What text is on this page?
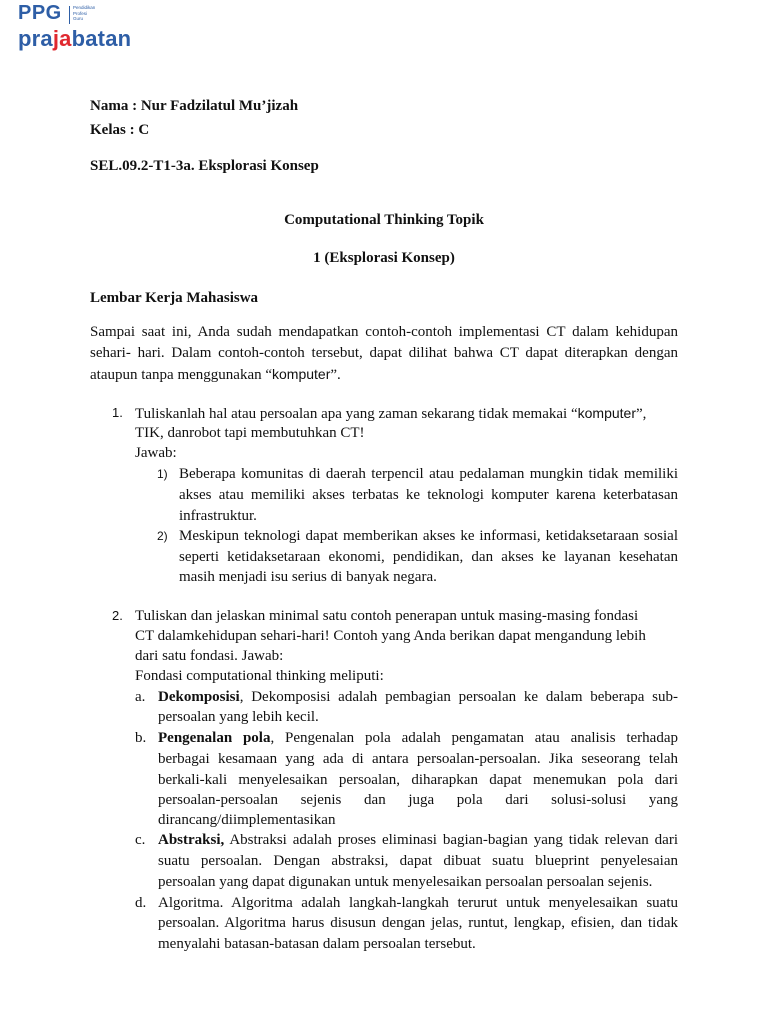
PPG	Pendidikan
Profesi
Guru
prajabatan
Nama : Nur Fadzilatul Mu’jizah
Kelas : C
SEL.09.2-T1-3a. Eksplorasi Konsep
Computational Thinking Topik
1 (Eksplorasi Konsep)
Lembar Kerja Mahasiswa
Sampai saat ini, Anda sudah mendapatkan contoh-contoh implementasi CT dalam kehidupan
sehari- hari. Dalam contoh-contoh tersebut, dapat dilihat bahwa CT dapat diterapkan dengan
ataupun tanpa menggunakan “komputer”.
1. Tuliskanlah hal atau persoalan apa yang zaman sekarang tidak memakai “komputer”,
TIK, danrobot tapi membutuhkan CT!
Jawab:
1) Beberapa komunitas di daerah terpencil atau pedalaman mungkin tidak memiliki
akses atau memiliki akses terbatas ke teknologi komputer karena keterbatasan
infrastruktur.
2) Meskipun teknologi dapat memberikan akses ke informasi, ketidaksetaraan sosial
seperti ketidaksetaraan ekonomi, pendidikan, dan akses ke layanan kesehatan
masih menjadi isu serius di banyak negara.
2. Tuliskan dan jelaskan minimal satu contoh penerapan untuk masing-masing fondasi
CT dalamkehidupan sehari-hari! Contoh yang Anda berikan dapat mengandung lebih
dari satu fondasi. Jawab:
Fondasi computational thinking meliputi:
a. Dekomposisi, Dekomposisi adalah pembagian persoalan ke dalam beberapa sub-
persoalan yang lebih kecil.
b. Pengenalan pola, Pengenalan pola adalah pengamatan atau analisis terhadap
berbagai kesamaan yang ada di antara persoalan-persoalan. Jika seseorang telah
berkali-kali menyelesaikan persoalan, diharapkan dapat menemukan pola dari
persoalan-persoalan sejenis dan juga pola dari solusi-solusi yang
dirancang/diimplementasikan
c. Abstraksi, Abstraksi adalah proses eliminasi bagian-bagian yang tidak relevan dari
suatu persoalan. Dengan abstraksi, dapat dibuat suatu blueprint penyelesaian
persoalan yang dapat digunakan untuk menyelesaikan persoalan persoalan sejenis.
d. Algoritma. Algoritma adalah langkah-langkah terurut untuk menyelesaikan suatu
persoalan. Algoritma harus disusun dengan jelas, runtut, lengkap, efisien, dan tidak
menyalahi batasan-batasan dalam persoalan tersebut.
